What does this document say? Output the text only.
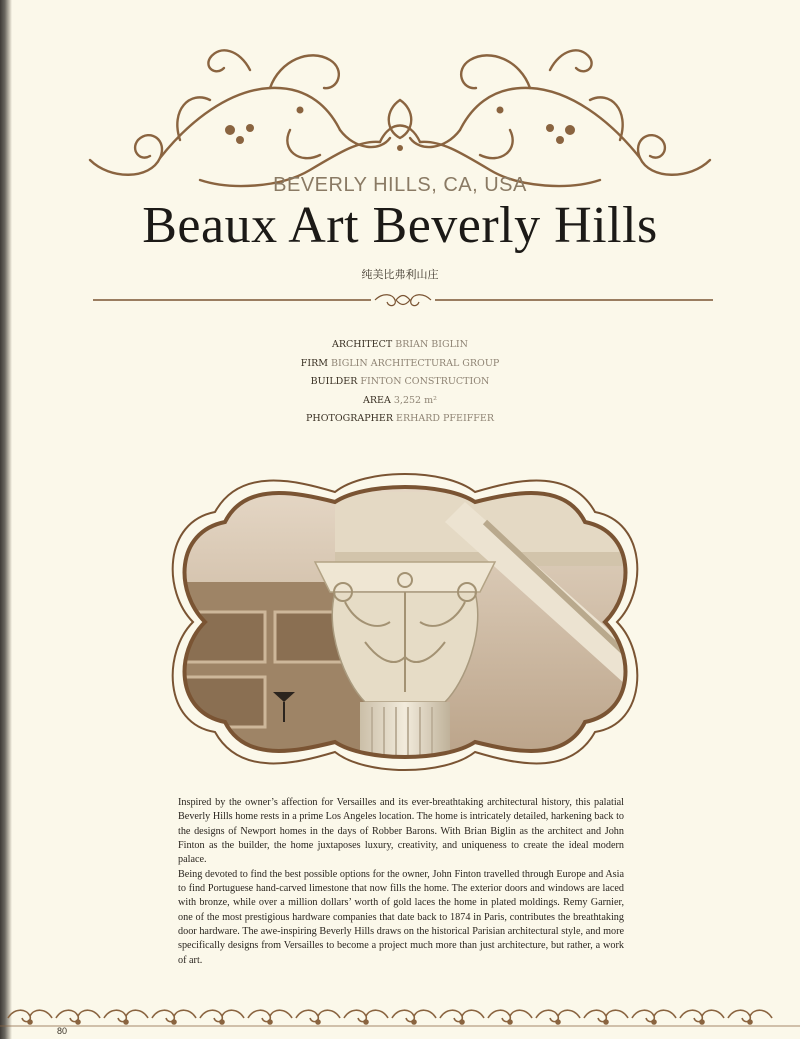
BEVERLY HILLS, CA, USA
Beaux Art Beverly Hills
纯美比弗利山庄
ARCHITECT BRIAN BIGLIN
FIRM BIGLIN ARCHITECTURAL GROUP
BUILDER FINTON CONSTRUCTION
AREA 3,252 m²
PHOTOGRAPHER ERHARD PFEIFFER

Inspired by the owner’s affection for Versailles and its ever-breathtaking architectural history, this palatial Beverly Hills home rests in a prime Los Angeles location. The home is intricately detailed, harkening back to the designs of Newport homes in the days of Robber Barons. With Brian Biglin as the architect and John Finton as the builder, the home juxtaposes luxury, creativity, and uniqueness to create the ideal modern palace.

Being devoted to find the best possible options for the owner, John Finton travelled through Europe and Asia to find Portuguese hand-carved limestone that now fills the home. The exterior doors and windows are laced with bronze, while over a million dollars’ worth of gold laces the home in plated moldings. Remy Garnier, one of the most prestigious hardware companies that date back to 1874 in Paris, contributes the breathtaking door hardware. The awe-inspiring Beverly Hills draws on the historical Parisian architectural style, and more specifically designs from Versailles to become a project much more than just architecture, but rather, a work of art.

80
